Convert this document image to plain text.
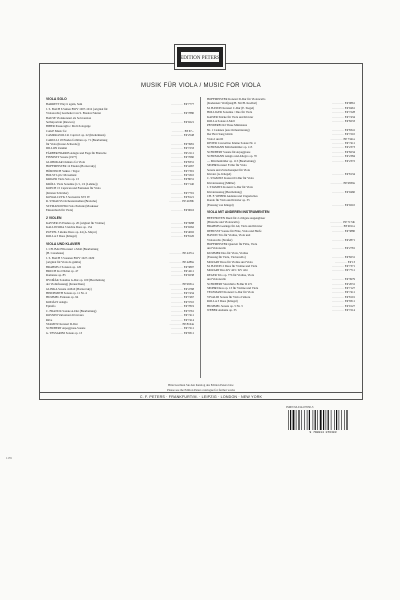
1135
EDITION PETERS
MUSIK FÜR VIOLA / MUSIC FOR VIOLA
VIOLA SOLO
BARRETT Play it again, Sam	………… EP 7777
J. S. BACH 6 Suiten BWV 1007-1012 (original für
Violoncello) bearbeitet von S. Bredow/Stutter	………… EP 7880
BAUSE Violakonzert als Soloversion
Selbstportrait (Rawson)	………… EP 9221
BIBER Passacaglia / Moll-Sologeige
CAGE Music for	………… EP 67...
CAMPAGNOLI 41 Capricci op. 22 (Kleitzmann)	………… EP 2548
CARULLI 18 Etudes forbiltan op. 71 (Bearbeitung
für Viola (Kreuz-Schwede))	………… EP 3981
DILLON Zenmai	………… EP 7233
FÄRBER/HARRIS Adagio und Fuge für Bratsche	………… EP 2111
FINNISSY Sonate (1977)	………… EP 7660
GLOBOKAR Ostinato for Viola	………… EP 8331
HOFFMEISTER 12 Etuden (Borisovsky)	………… EP 4267
HÖRNISCH Ssikno / Yegor	………… EP 7391
HOLST Lyric Movement	………… EP 3310
KRIGER Viola Solo op. 13	………… EP 8031
KRÖLL Viola Sonatine (1/1, 1/2 (Lehrke))	………… EP 7140
KOECH 15 Capricen und Fantasien für Viola
(Kirsten Schröder)	………… EP 7791
KOWALCZYK 3 Souvenirs XVI IV	………… EP 8121
R. STRAUSS Orchesterstudien (Bratsche)	………… EP 4189b
SZYMANOWSKI Solo Prelude (Moskauer
Einsatzbuch für Viola)	………… EP 9016
2 VIOLEN
KAYSER 25 Etuden op. 20 (original für Violine)	………… EP 3988
KALLIWODA 3 leichte Duos op. 154	………… EP 9262
PLEYEL 3 kleine Duos op. 44 (A. Mayer)	………… EP 4002
ROLLA 3 Duos (Kliegel)	………… EP 8126
VIOLA UND KLAVIER
J. CH. BACH Konzert c-Moll (Bearbeitung
(H. Casadesus)	………… EP 4471a
J. S. BACH 3 Sonaten BWV 1027-1029
(original für Viola da gamba)	………… EP 4286a
BRAHMS 2 Sonaten op. 120	………… EP 3897
BRUCH Kol Nidrei op. 47	………… EP 4211
Romanze op. 85	………… EP 9238
DVOŘÁK Sonatine G-Dur op. 100 (Bearbeitung
der Violinfassung) (Kraus/Ilsen)	………… EP 9931a
GLINKA Sonate d-Moll (Borisovsky)	………… EP 4768
HINDEMITH Sonate op. 11 Nr. 4	………… EP 7434
HUMMEL Fantasie op. 94	………… EP 7467
KODÁLY Adagio	………… EP 3710
Epitafio	………… EP 7819
C. FRANCK Sonate A-Dur (Bearbeitung)	………… EP 3761
ROSSINI Variazioni di bravura	………… EP 7411
Rêve	………… EP 7414
STAMITZ Konzert D-Dur	………… EP 8164a
SCHUBERT Arpeggione-Sonate	………… EP 7211
G. TESSARINI Sonate op. 13	………… EP 8311
HOFFMEISTER Konzert D-Dur für Violoncello
(Kadenzen: Wolfgang/H. Sitt/H. Koelbel)	………… EP 9861
M. HAYDN Konzert C-Dur (E. Siegel)	………… EP 9461
HOLLIGER Sonatine / Duo für Viola	………… EP 7228
KAISER Stücke für Viola und Klavier	………… EP 7434
ROLLA Sonate d-Moll	………… EP 8233
PENDERECKI Three Miniatures
Nr. 1 Cadenza (aus Orchestrierung)	………… EP 8341
Der Herr Sang Glück	………… EP 7210
Viola I und II	………… EP 7341a
RIVIER Concertino Kleine Sonate Nr. 4	………… EP 7411
SCHUMANN Märchenbilder op. 113	………… EP 2373
SCHUBERT Sonate für Arpeggione	………… EP 8234
SCHUMANN Adagio und Allegro op. 70	………… EP 2384
— Märchenbilder op. 113 (Bearbeitung)	………… EP 2372
SPOHR Konzert F-Dur für Viola
Sonate und Zwischenspiel für Viola
Klavier (A. Kliegel)	………… EP 8134
C. STAMITZ Konzert D-Dur für Viola
Klavierauszug (Müller)	………… EP 9839a
J. STAMITZ Konzert G-Dur für Viola
Klavierauszug (Bearbeitung)	………… EP 9460
CH. F. WEBER Andante und Ungarisches
Rondo für Viola und Klavier op. 35
(Fassung von Kliegel)	………… EP 9210
VIOLA MIT ANDEREN INSTRUMENTEN
BEETHOVEN Duett für 2 obligate Augengläser
(Bratsche und Violoncello)	………… EP 7174b
BRAHMS Gesänge für Alt, Viola und Klavier	………… EP 9011a
DEBUSSY Sonate für Flöte, Viola und Harfe	………… EP 3880
HAYDN Trio für Violine, Viola und
Violoncello (Straßer)	………… EP 2871
HOFFMEISTER Quartett für Flöte, Viola
und Violoncello	………… EP 2781
KUMMER Duo für Viola, Violine
(Fassung für Viola, Violoncello)	………… EP 8231
MOZART Duos für Violine und Viola	………… EP 13
M. HAYDN 2 Duos für Violine und Viola	………… EP 7371
MOZART Duo KV 423 / KV 424	………… EP 7711
REGER Trio op. 77b für Violine, Viola
und Violoncello	………… EP 3979
SCHUBERT Streichtrio B-Dur D 471	………… EP 2031
SPOHR Duos op. 13 für Violine und Viola	………… EP 7127
TELEMANN Konzert G-Dur für Viola	………… EP 7411
VIVALDI Sonate für Viola d’amore	………… EP 8101
ROLLA 3 Duos (Kliegel)	………… EP 8311
HUMMEL Sonate op. 5 Nr. 3	………… EP 9127
WEBER Andante op. 35	………… EP 7214
Bitte beachten Sie den Katalog des Edition Peters bzw.
Please see the Edition Peters catalogue for further works
C. F. PETERS · FRANKFURT/M. · LEIPZIG · LONDON · NEW YORK
ISMN M-014-07630-3
9 790014 076303
